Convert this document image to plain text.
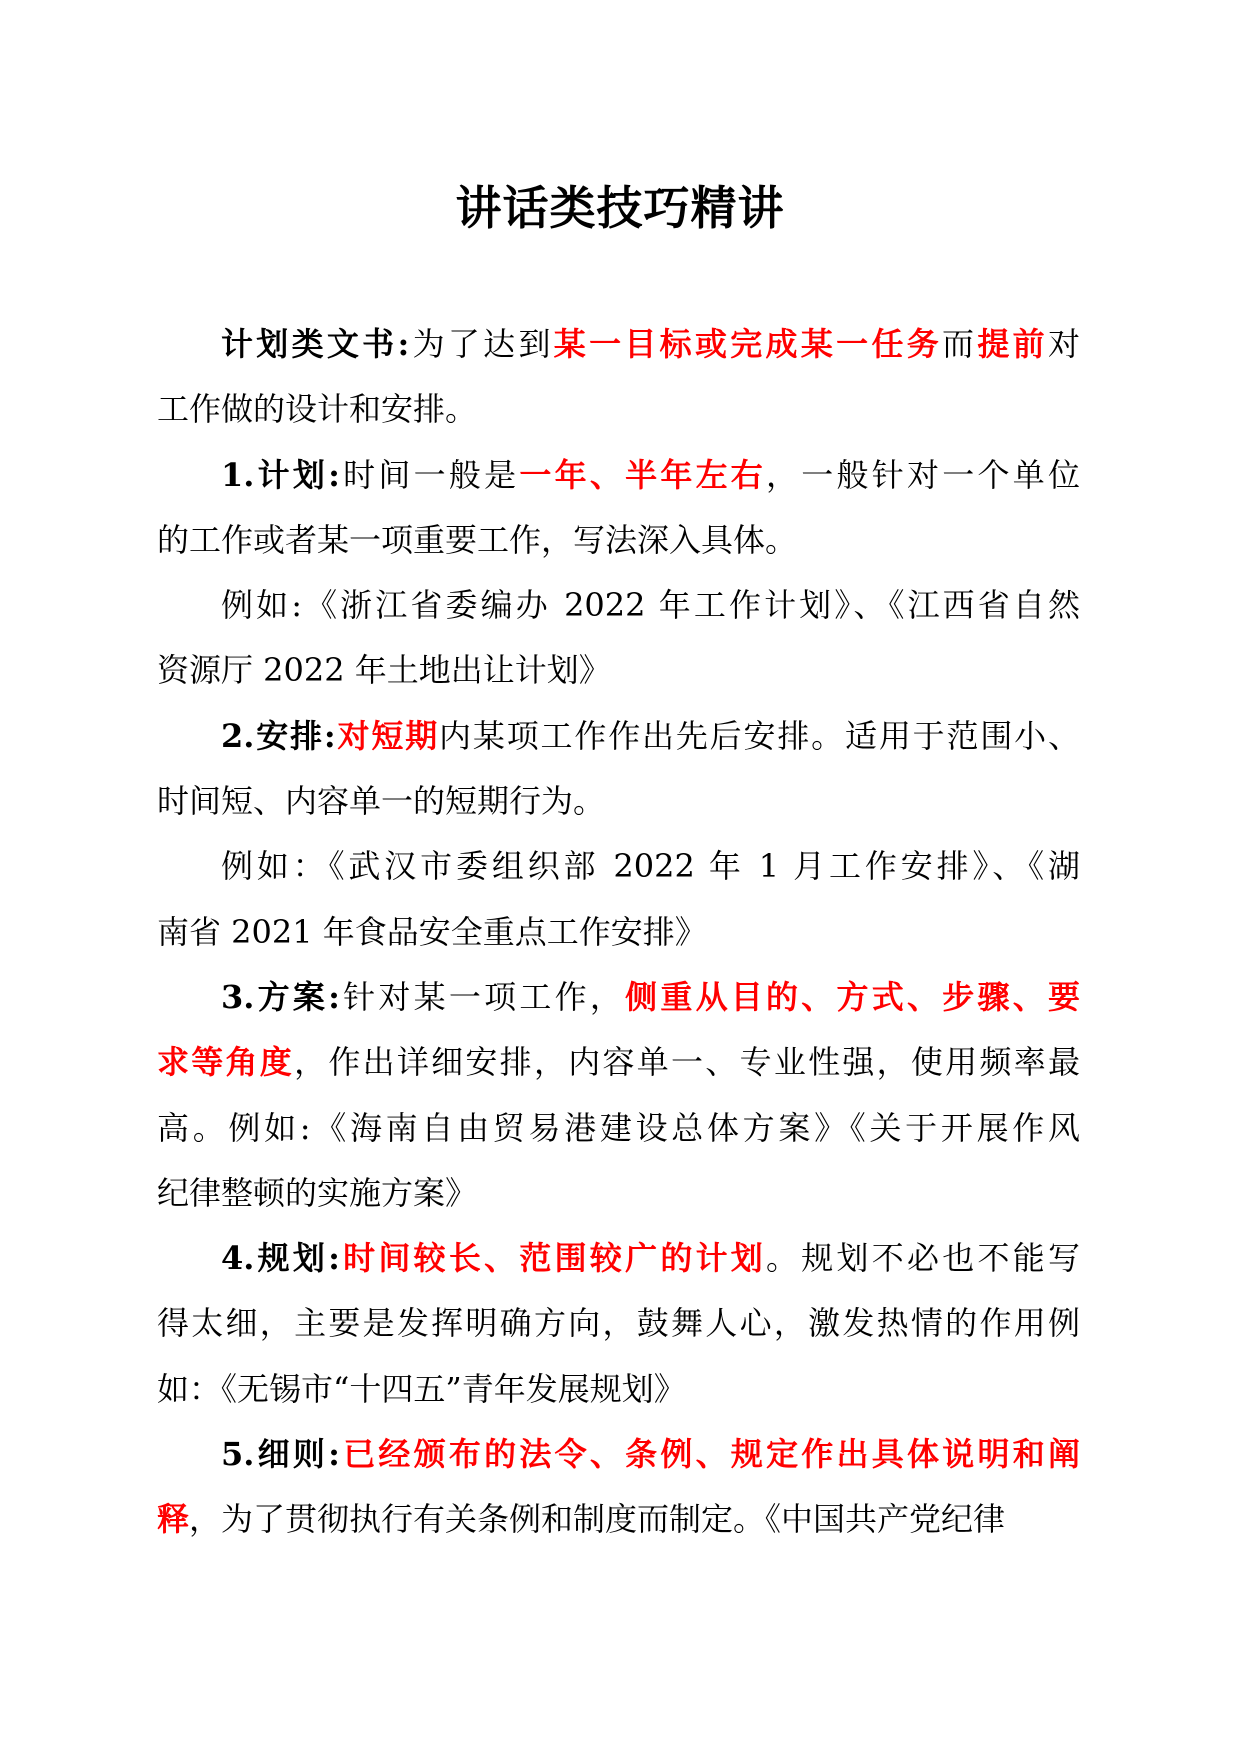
讲话类技巧精讲
计划类文书:为了达到某一目标或完成某一任务而提前对
工作做的设计和安排。
1.计划:时间一般是一年、半年左右，一般针对一个单位
的工作或者某一项重要工作，写法深入具体。
例如:《浙江省委编办 2022 年工作计划》、《江西省自然
资源厅 2022 年土地出让计划》
2.安排:对短期内某项工作作出先后安排。适用于范围小、
时间短、内容单一的短期行为。
例如：《武汉市委组织部 2022 年 1 月工作安排》、《湖
南省 2021 年食品安全重点工作安排》
3.方案:针对某一项工作，侧重从目的、方式、步骤、要
求等角度，作出详细安排，内容单一、专业性强，使用频率最
高。例如:《海南自由贸易港建设总体方案》《关于开展作风
纪律整顿的实施方案》
4.规划:时间较长、范围较广的计划。规划不必也不能写
得太细，主要是发挥明确方向，鼓舞人心，激发热情的作用例
如：《无锡市“十四五”青年发展规划》
5.细则:已经颁布的法令、条例、规定作出具体说明和阐
释，为了贯彻执行有关条例和制度而制定。《中国共产党纪律
